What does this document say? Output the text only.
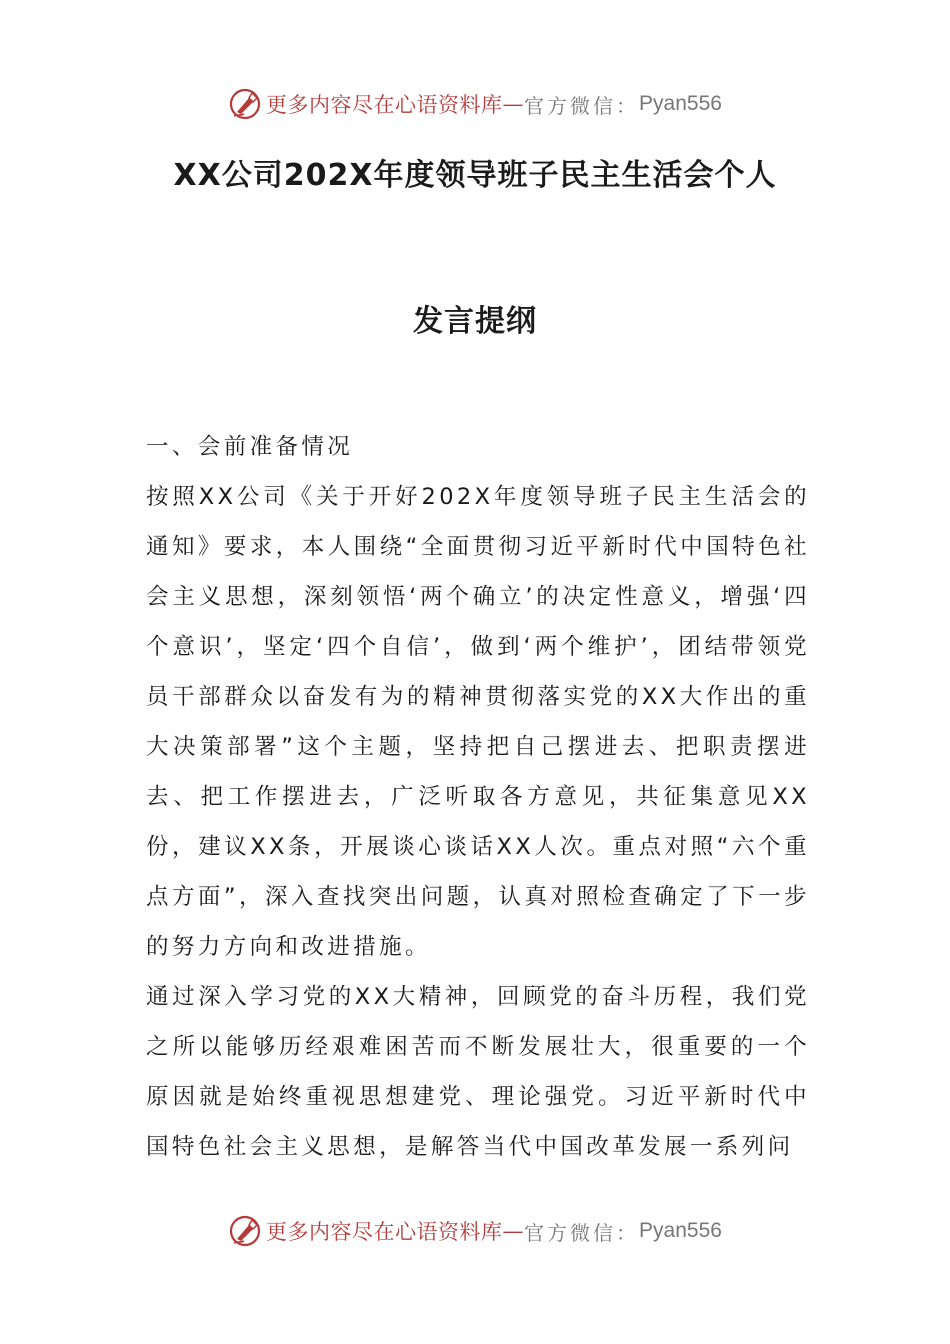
更多内容尽在心语资料库 — 官方微信： Pyan556
XX公司202X年度领导班子民主生活会个人
发言提纲

一、会前准备情况

按照XX公司《关于开好202X年度领导班子民主生活会的通知》要求，本人围绕“全面贯彻习近平新时代中国特色社会主义思想，深刻领悟‘两个确立’的决定性意义，增强‘四个意识’，坚定‘四个自信’，做到‘两个维护’，团结带领党员干部群众以奋发有为的精神贯彻落实党的XX大作出的重大决策部署”这个主题，坚持把自己摆进去、把职责摆进去、把工作摆进去，广泛听取各方意见，共征集意见XX份，建议XX条，开展谈心谈话XX人次。重点对照“六个重点方面”，深入查找突出问题，认真对照检查确定了下一步的努力方向和改进措施。

通过深入学习党的XX大精神，回顾党的奋斗历程，我们党之所以能够历经艰难困苦而不断发展壮大，很重要的一个原因就是始终重视思想建党、理论强党。习近平新时代中国特色社会主义思想，是解答当代中国改革发展一系列问

更多内容尽在心语资料库 — 官方微信： Pyan556
